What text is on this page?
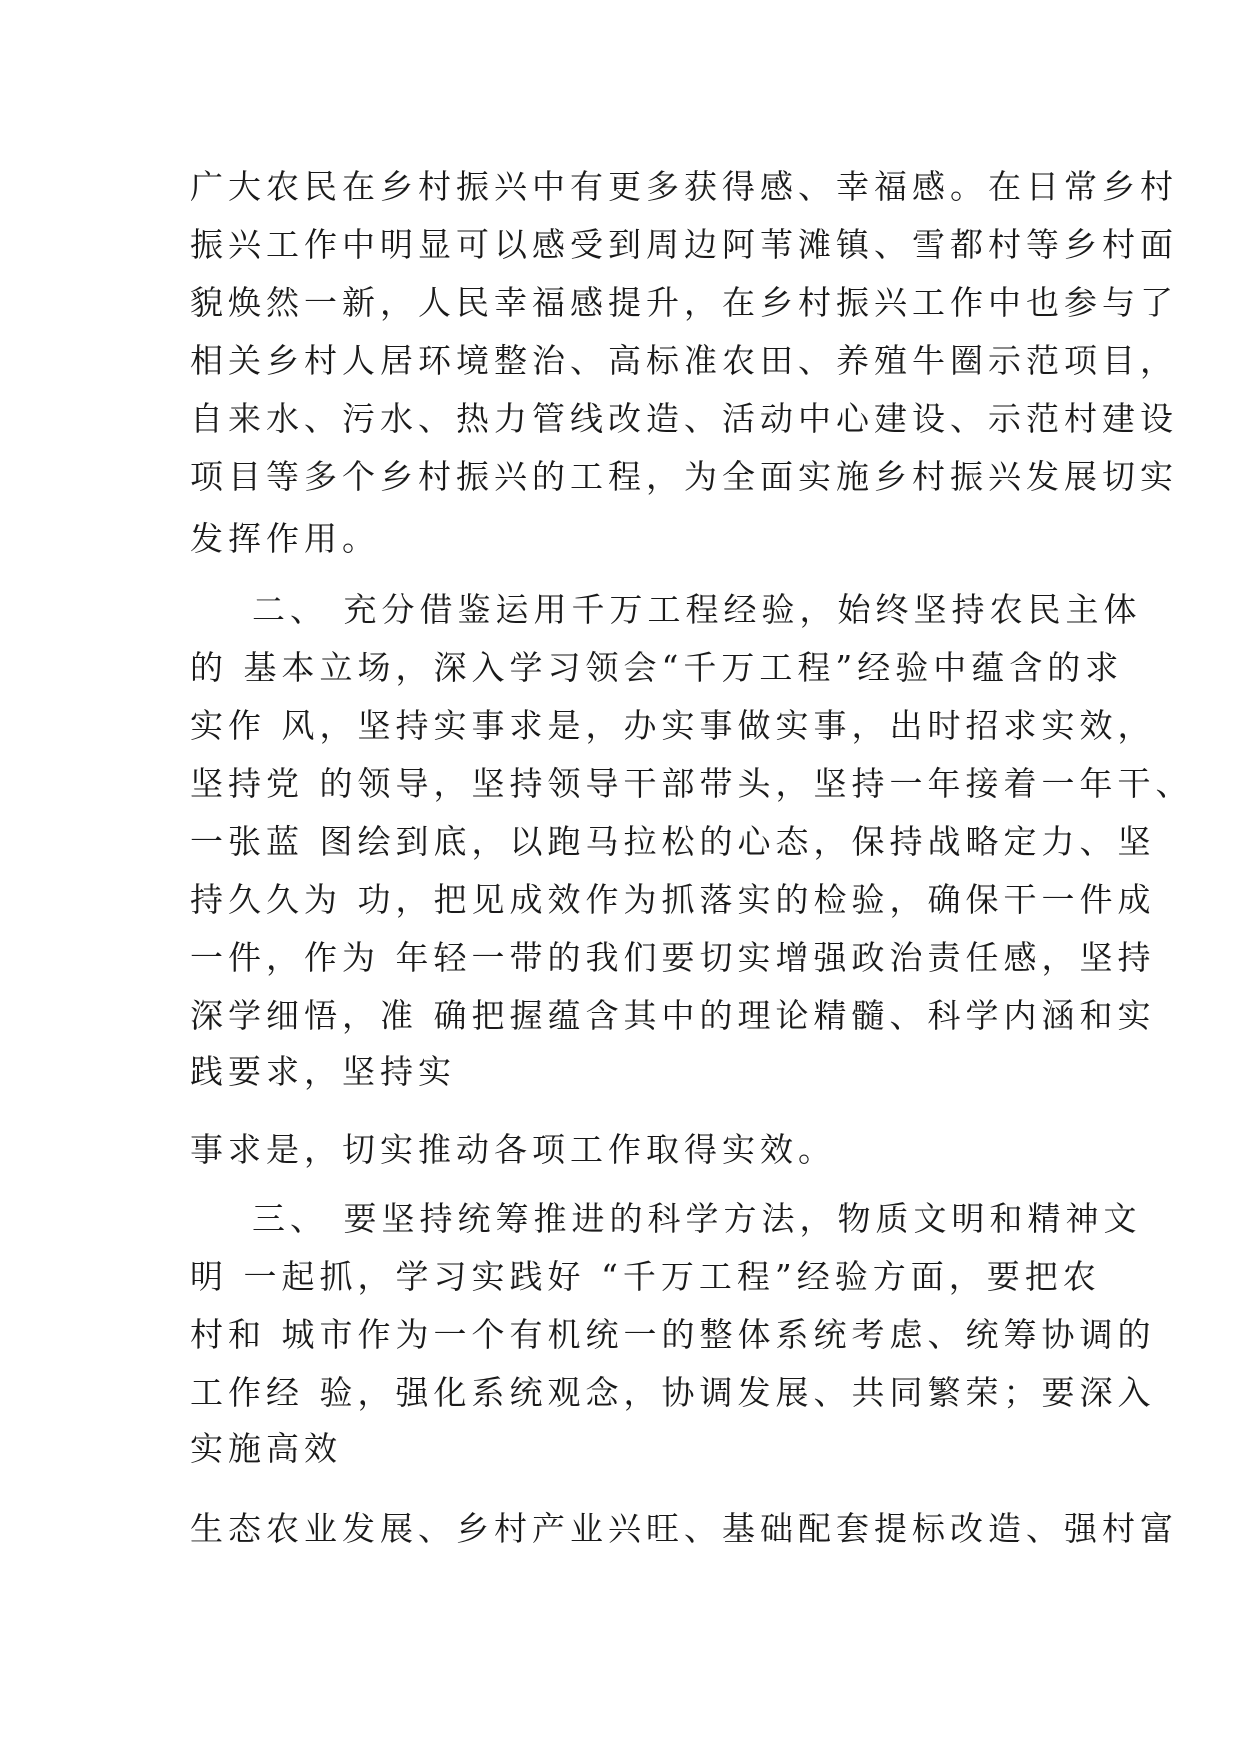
广大农民在乡村振兴中有更多获得感、幸福感。在日常乡村
振兴工作中明显可以感受到周边阿苇滩镇、雪都村等乡村面
貌焕然一新，人民幸福感提升，在乡村振兴工作中也参与了
相关乡村人居环境整治、高标准农田、养殖牛圈示范项目，
自来水、污水、热力管线改造、活动中心建设、示范村建设
项目等多个乡村振兴的工程，为全面实施乡村振兴发展切实
发挥作用。
二、 充分借鉴运用千万工程经验，始终坚持农民主体
的 基本立场，深入学习领会“千万工程”经验中蕴含的求
实作 风，坚持实事求是，办实事做实事，出时招求实效，
坚持党 的领导，坚持领导干部带头，坚持一年接着一年干、
一张蓝 图绘到底，以跑马拉松的心态，保持战略定力、坚
持久久为 功，把见成效作为抓落实的检验，确保干一件成
一件，作为 年轻一带的我们要切实增强政治责任感，坚持
深学细悟，准 确把握蕴含其中的理论精髓、科学内涵和实
践要求，坚持实
事求是，切实推动各项工作取得实效。
三、 要坚持统筹推进的科学方法，物质文明和精神文
明 一起抓，学习实践好 “千万工程”经验方面，要把农
村和 城市作为一个有机统一的整体系统考虑、统筹协调的
工作经 验，强化系统观念，协调发展、共同繁荣；要深入
实施高效
生态农业发展、乡村产业兴旺、基础配套提标改造、强村富
